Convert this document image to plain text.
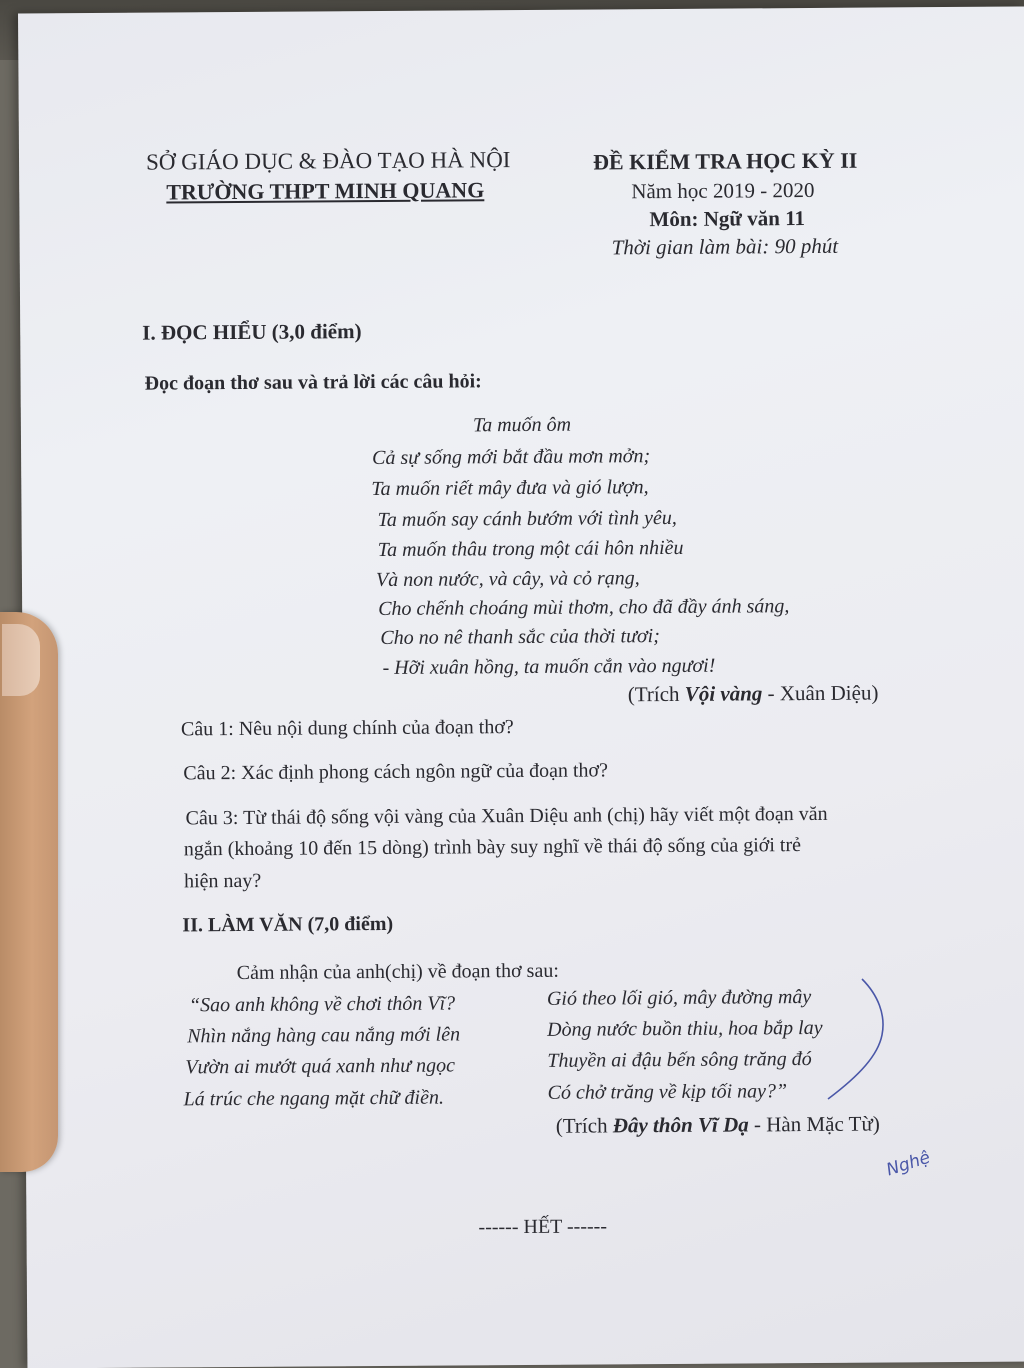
SỞ GIÁO DỤC & ĐÀO TẠO HÀ NỘI
TRƯỜNG THPT MINH QUANG
ĐỀ KIỂM TRA HỌC KỲ II
Năm học 2019 - 2020
Môn: Ngữ văn 11
Thời gian làm bài: 90 phút
I. ĐỌC HIỂU (3,0 điểm)
Đọc đoạn thơ sau và trả lời các câu hỏi:
Ta muốn ôm
Cả sự sống mới bắt đầu mơn mởn;
Ta muốn riết mây đưa và gió lượn,
Ta muốn say cánh bướm với tình yêu,
Ta muốn thâu trong một cái hôn nhiều
Và non nước, và cây, và cỏ rạng,
Cho chếnh choáng mùi thơm, cho đã đầy ánh sáng,
Cho no nê thanh sắc của thời tươi;
- Hỡi xuân hồng, ta muốn cắn vào ngươi!
(Trích Vội vàng - Xuân Diệu)
Câu 1: Nêu nội dung chính của đoạn thơ?
Câu 2: Xác định phong cách ngôn ngữ của đoạn thơ?
Câu 3: Từ thái độ sống vội vàng của Xuân Diệu anh (chị) hãy viết một đoạn văn
ngắn (khoảng 10 đến 15 dòng) trình bày suy nghĩ về thái độ sống của giới trẻ
hiện nay?
II. LÀM VĂN (7,0 điểm)
Cảm nhận của anh(chị) về đoạn thơ sau:
“Sao anh không về chơi thôn Vĩ?
Nhìn nắng hàng cau nắng mới lên
Vườn ai mướt quá xanh như ngọc
Lá trúc che ngang mặt chữ điền.
Gió theo lối gió, mây đường mây
Dòng nước buồn thiu, hoa bắp lay
Thuyền ai đậu bến sông trăng đó
Có chở trăng về kịp tối nay?”
(Trích Đây thôn Vĩ Dạ - Hàn Mặc Từ)
------ HẾT ------
Nghệ
